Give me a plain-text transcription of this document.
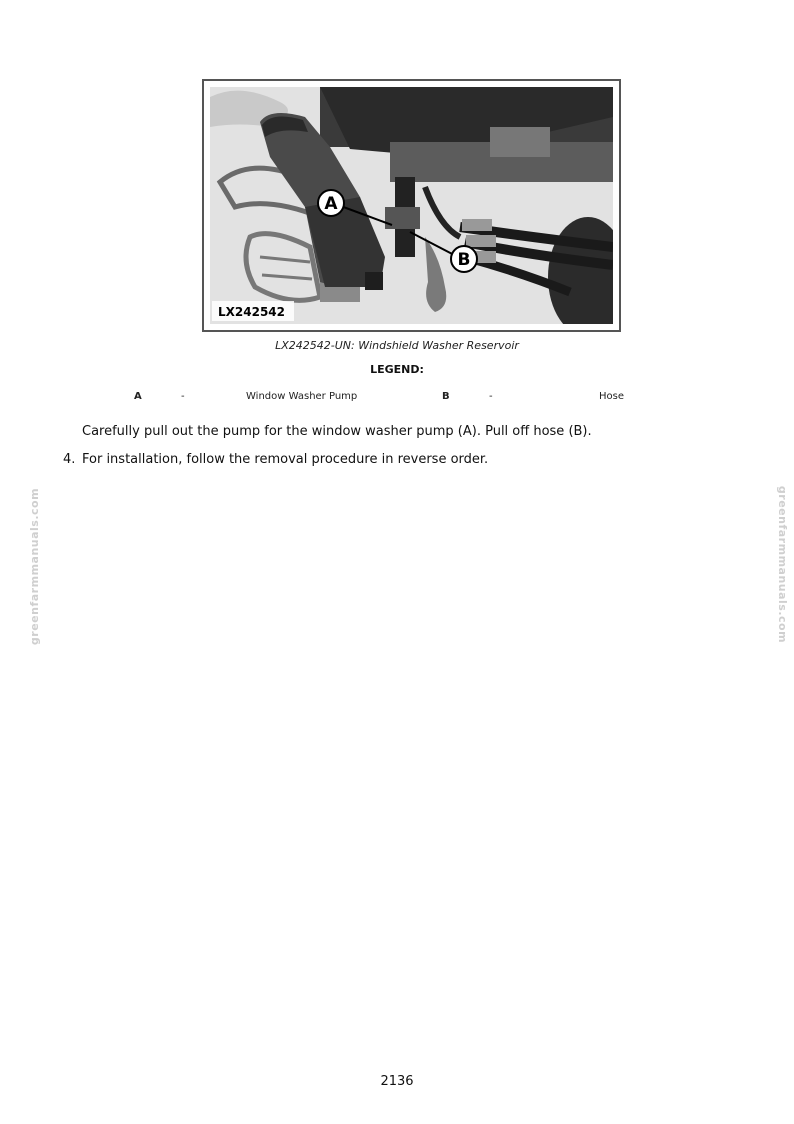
A
B
LX242542
LX242542-UN: Windshield Washer Reservoir
LEGEND:
A	-	Window Washer Pump	B	-	Hose
Carefully pull out the pump for the window washer pump (A). Pull off hose (B).
4. For installation, follow the removal procedure in reverse order.
greenfarmmanuals.com	greenfarmmanuals.com
2136
